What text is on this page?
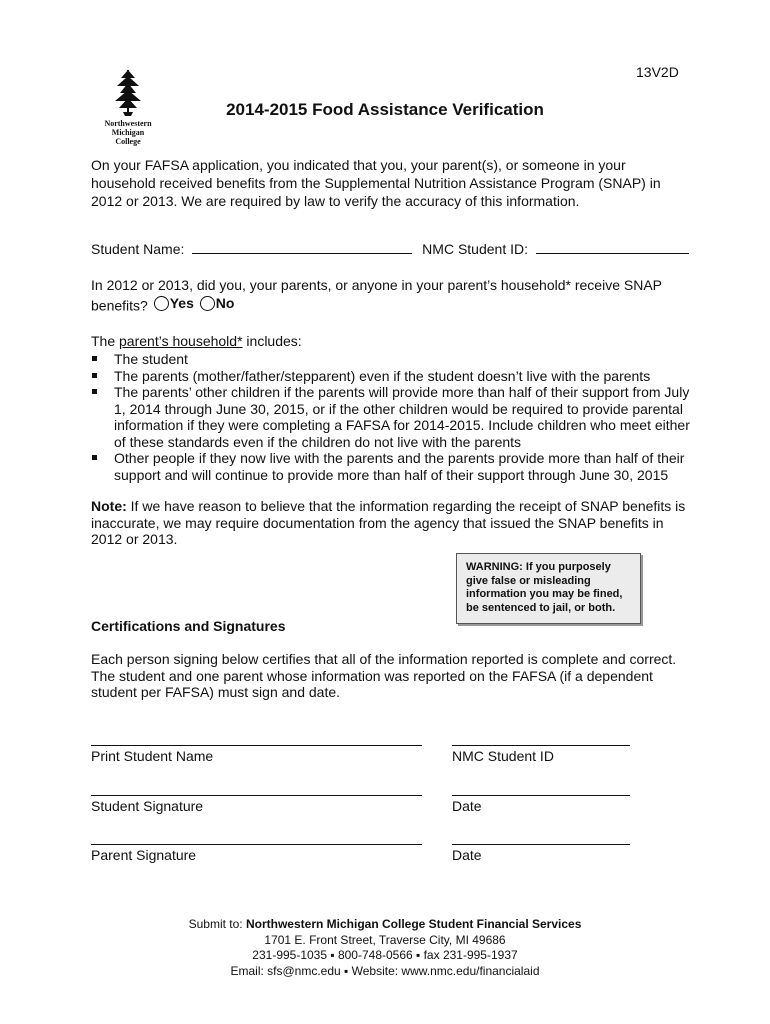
13V2D
Northwestern
Michigan
College
2014-2015 Food Assistance Verification
On your FAFSA application, you indicated that you, your parent(s), or someone in your household received benefits from the Supplemental Nutrition Assistance Program (SNAP) in 2012 or 2013. We are required by law to verify the accuracy of this information.
Student Name:	NMC Student ID:
In 2012 or 2013, did you, your parents, or anyone in your parent’s household* receive SNAP benefits? Yes
No
The parent’s household* includes:
The student
The parents (mother/father/stepparent) even if the student doesn’t live with the parents
The parents’ other children if the parents will provide more than half of their support from July 1, 2014 through June 30, 2015, or if the other children would be required to provide parental information if they were completing a FAFSA for 2014-2015. Include children who meet either of these standards even if the children do not live with the parents
Other people if they now live with the parents and the parents provide more than half of their support and will continue to provide more than half of their support through June 30, 2015
Note: If we have reason to believe that the information regarding the receipt of SNAP benefits is inaccurate, we may require documentation from the agency that issued the SNAP benefits in 2012 or 2013.
WARNING: If you purposely give false or misleading information you may be fined, be sentenced to jail, or both.
Certifications and Signatures
Each person signing below certifies that all of the information reported is complete and correct. The student and one parent whose information was reported on the FAFSA (if a dependent student per FAFSA) must sign and date.
Print Student Name	NMC Student ID
Student Signature	Date
Parent Signature	Date
Submit to: Northwestern Michigan College Student Financial Services
1701 E. Front Street, Traverse City, MI 49686
231-995-1035 ▪ 800-748-0566 ▪ fax 231-995-1937
Email: sfs@nmc.edu ▪ Website: www.nmc.edu/financialaid
